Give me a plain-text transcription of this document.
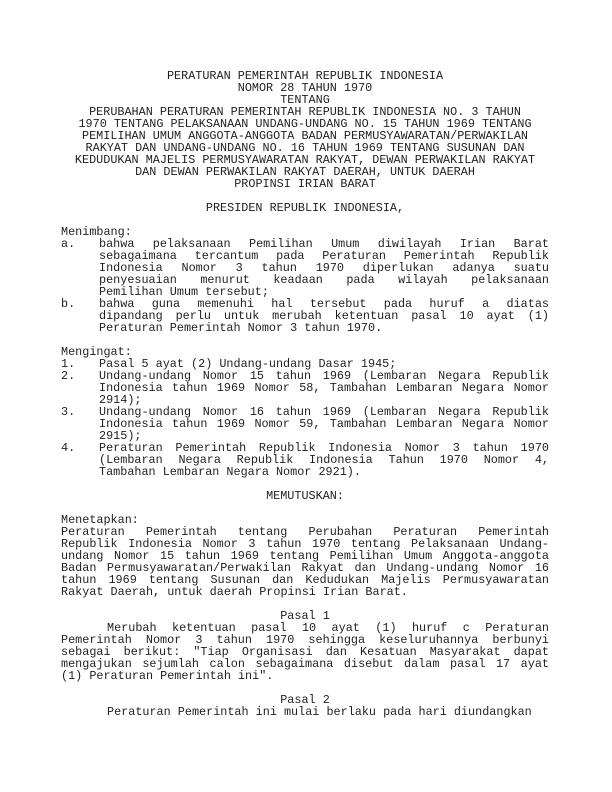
PERATURAN PEMERINTAH REPUBLIK INDONESIA
NOMOR 28 TAHUN 1970
TENTANG
PERUBAHAN PERATURAN PEMERINTAH REPUBLIK INDONESIA NO. 3 TAHUN
1970 TENTANG PELAKSANAAN UNDANG-UNDANG NO. 15 TAHUN 1969 TENTANG
PEMILIHAN UMUM ANGGOTA-ANGGOTA BADAN PERMUSYAWARATAN/PERWAKILAN
RAKYAT DAN UNDANG-UNDANG NO. 16 TAHUN 1969 TENTANG SUSUNAN DAN
KEDUDUKAN MAJELIS PERMUSYAWARATAN RAKYAT, DEWAN PERWAKILAN RAKYAT
DAN DEWAN PERWAKILAN RAKYAT DAERAH, UNTUK DAERAH
PROPINSI IRIAN BARAT
PRESIDEN REPUBLIK INDONESIA,
Menimbang:
a. bahwa pelaksanaan Pemilihan Umum diwilayah Irian Barat
sebagaimana tercantum pada Peraturan Pemerintah Republik
Indonesia Nomor 3 tahun 1970 diperlukan adanya suatu
penyesuaian menurut keadaan pada wilayah pelaksanaan
Pemilihan Umum tersebut;
b. bahwa guna memenuhi hal tersebut pada huruf a diatas
dipandang perlu untuk merubah ketentuan pasal 10 ayat (1)
Peraturan Pemerintah Nomor 3 tahun 1970.
Mengingat:
1. Pasal 5 ayat (2) Undang-undang Dasar 1945;
2. Undang-undang Nomor 15 tahun 1969 (Lembaran Negara Republik
Indonesia tahun 1969 Nomor 58, Tambahan Lembaran Negara Nomor
2914);
3. Undang-undang Nomor 16 tahun 1969 (Lembaran Negara Republik
Indonesia tahun 1969 Nomor 59, Tambahan Lembaran Negara Nomor
2915);
4. Peraturan Pemerintah Republik Indonesia Nomor 3 tahun 1970
(Lembaran Negara Republik Indonesia Tahun 1970 Nomor 4,
Tambahan Lembaran Negara Nomor 2921).
MEMUTUSKAN:
Menetapkan:
Peraturan Pemerintah tentang Perubahan Peraturan Pemerintah
Republik Indonesia Nomor 3 tahun 1970 tentang Pelaksanaan Undang-
undang Nomor 15 tahun 1969 tentang Pemilihan Umum Anggota-anggota
Badan Permusyawaratan/Perwakilan Rakyat dan Undang-undang Nomor 16
tahun 1969 tentang Susunan dan Kedudukan Majelis Permusyawaratan
Rakyat Daerah, untuk daerah Propinsi Irian Barat.
Pasal 1
Merubah ketentuan pasal 10 ayat (1) huruf c Peraturan
Pemerintah Nomor 3 tahun 1970 sehingga keseluruhannya berbunyi
sebagai berikut: "Tiap Organisasi dan Kesatuan Masyarakat dapat
mengajukan sejumlah calon sebagaimana disebut dalam pasal 17 ayat
(1) Peraturan Pemerintah ini".
Pasal 2
Peraturan Pemerintah ini mulai berlaku pada hari diundangkan
